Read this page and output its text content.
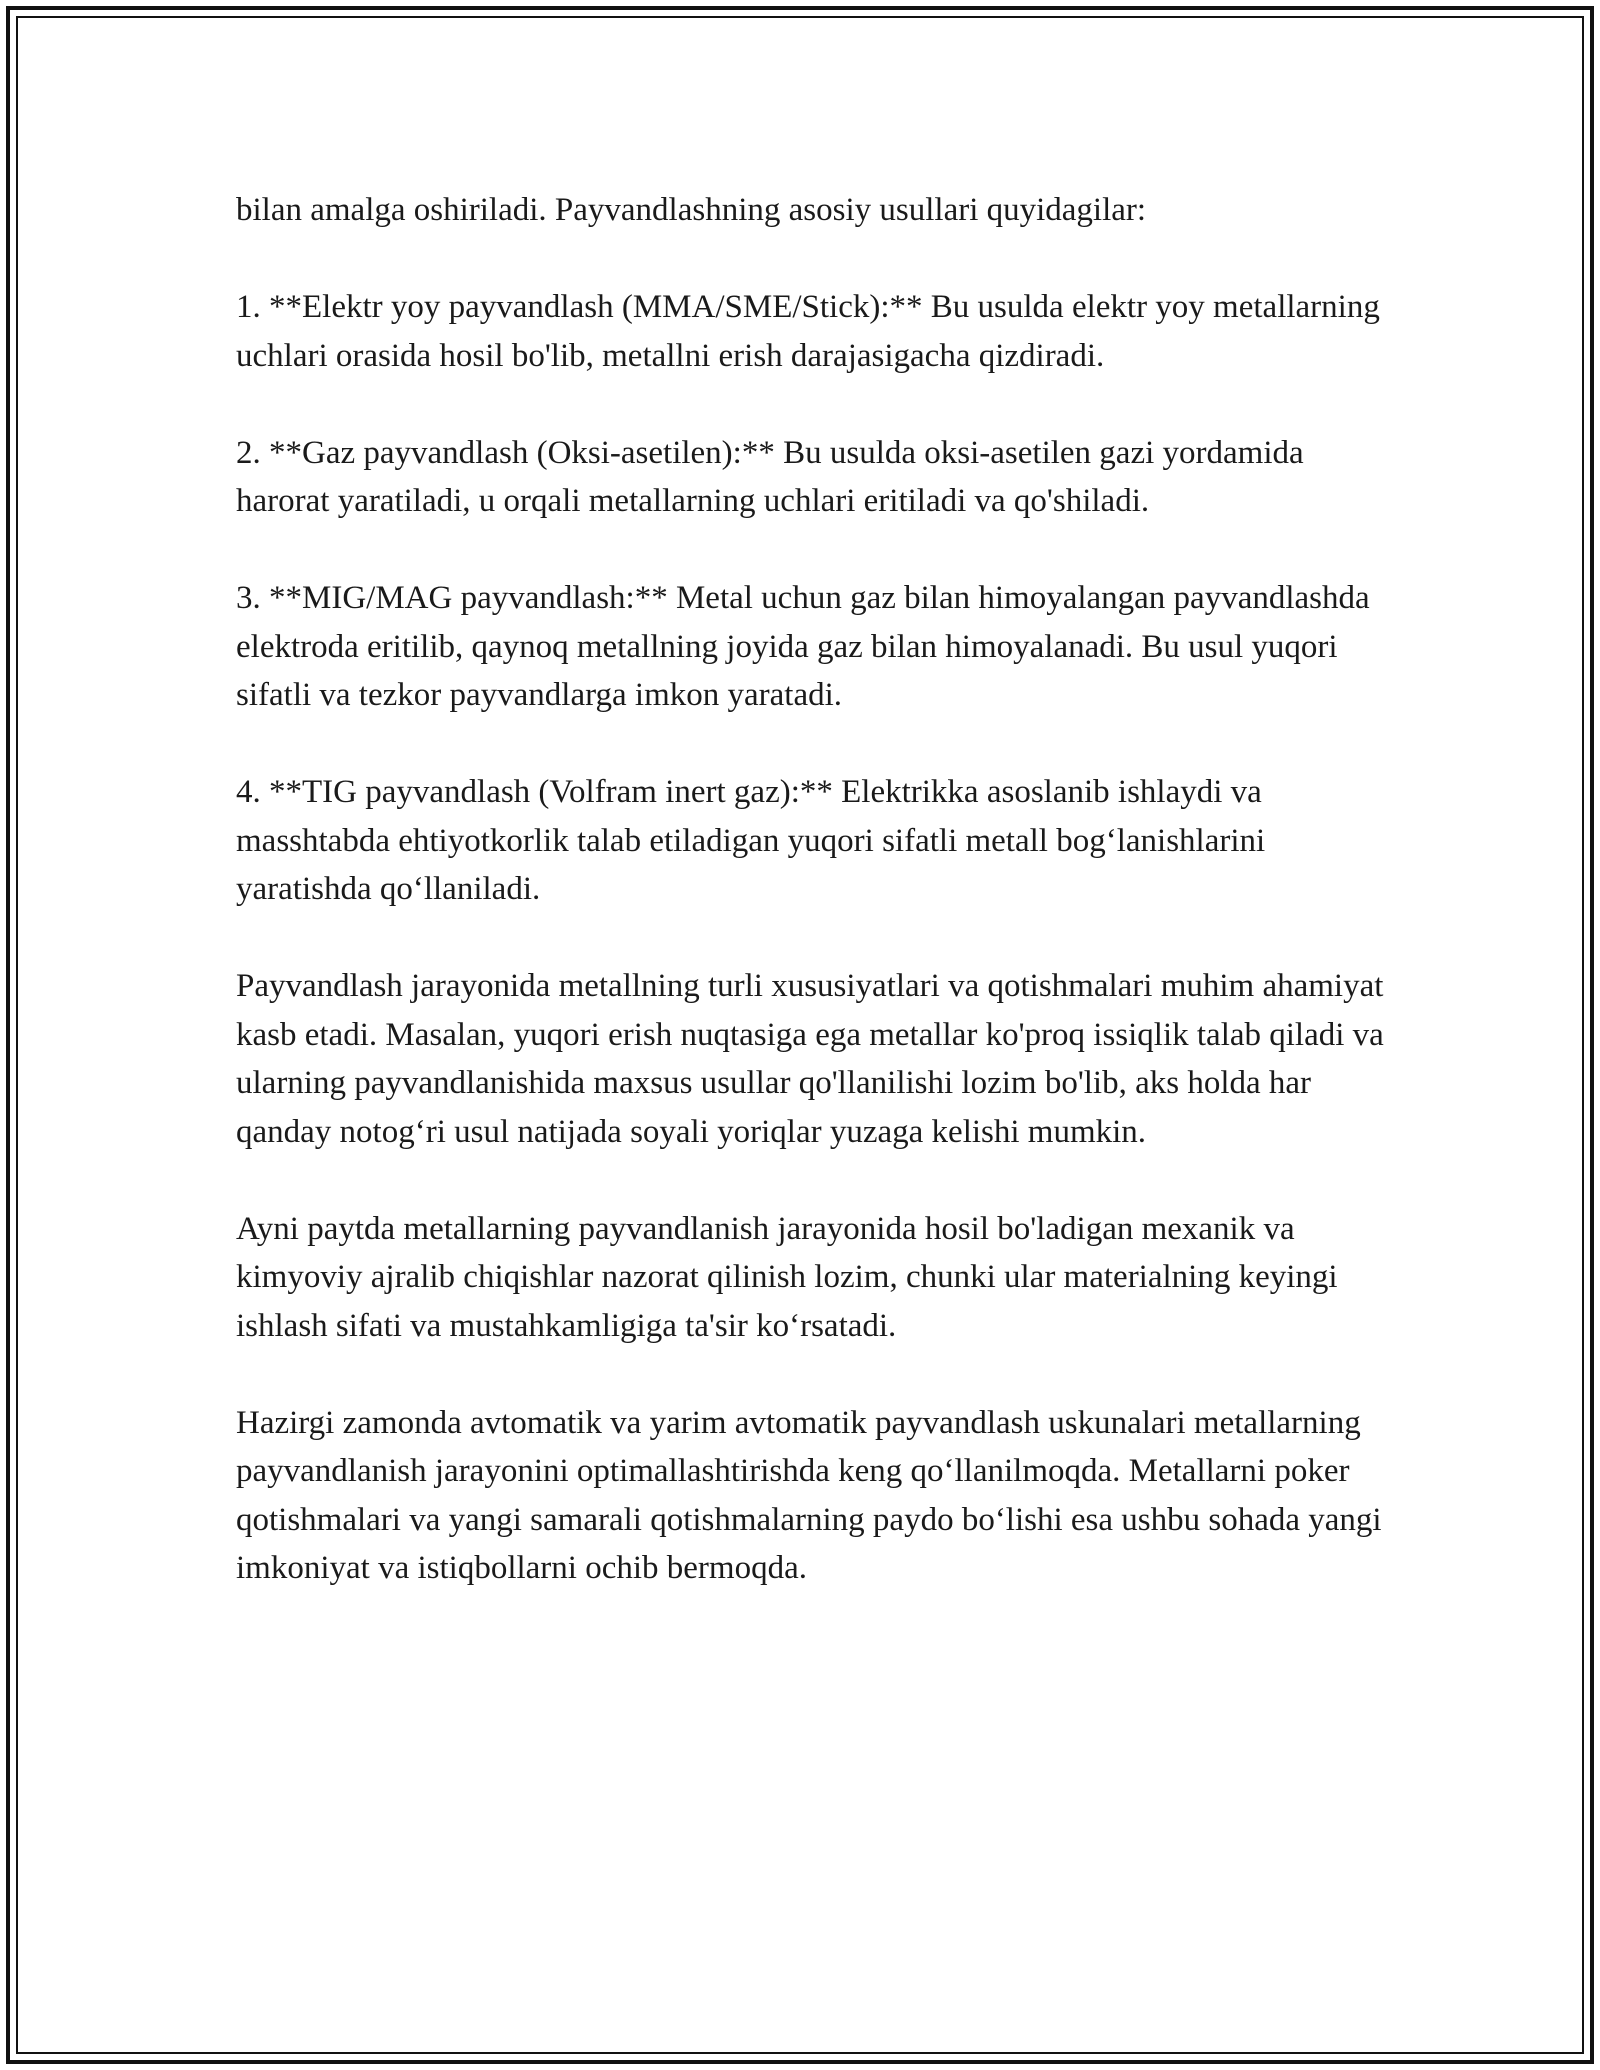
bilan amalga oshiriladi. Payvandlashning asosiy usullari quyidagilar:

1. **Elektr yoy payvandlash (MMA/SME/Stick):** Bu usulda elektr yoy metallarning uchlari orasida hosil bo'lib, metallni erish darajasigacha qizdiradi.

2. **Gaz payvandlash (Oksi-asetilen):** Bu usulda oksi-asetilen gazi yordamida harorat yaratiladi, u orqali metallarning uchlari eritiladi va qo'shiladi.

3. **MIG/MAG payvandlash:** Metal uchun gaz bilan himoyalangan payvandlashda elektroda eritilib, qaynoq metallning joyida gaz bilan himoyalanadi. Bu usul yuqori sifatli va tezkor payvandlarga imkon yaratadi.

4. **TIG payvandlash (Volfram inert gaz):** Elektrikka asoslanib ishlaydi va masshtabda ehtiyotkorlik talab etiladigan yuqori sifatli metall bog‘lanishlarini yaratishda qo‘llaniladi.

Payvandlash jarayonida metallning turli xususiyatlari va qotishmalari muhim ahamiyat kasb etadi. Masalan, yuqori erish nuqtasiga ega metallar ko'proq issiqlik talab qiladi va ularning payvandlanishida maxsus usullar qo'llanilishi lozim bo'lib, aks holda har qanday notog‘ri usul natijada soyali yoriqlar yuzaga kelishi mumkin.

Ayni paytda metallarning payvandlanish jarayonida hosil bo'ladigan mexanik va kimyoviy ajralib chiqishlar nazorat qilinish lozim, chunki ular materialning keyingi ishlash sifati va mustahkamligiga ta'sir ko‘rsatadi.

Hazirgi zamonda avtomatik va yarim avtomatik payvandlash uskunalari metallarning payvandlanish jarayonini optimallashtirishda keng qo‘llanilmoqda. Metallarni poker qotishmalari va yangi samarali qotishmalarning paydo bo‘lishi esa ushbu sohada yangi imkoniyat va istiqbollarni ochib bermoqda.
